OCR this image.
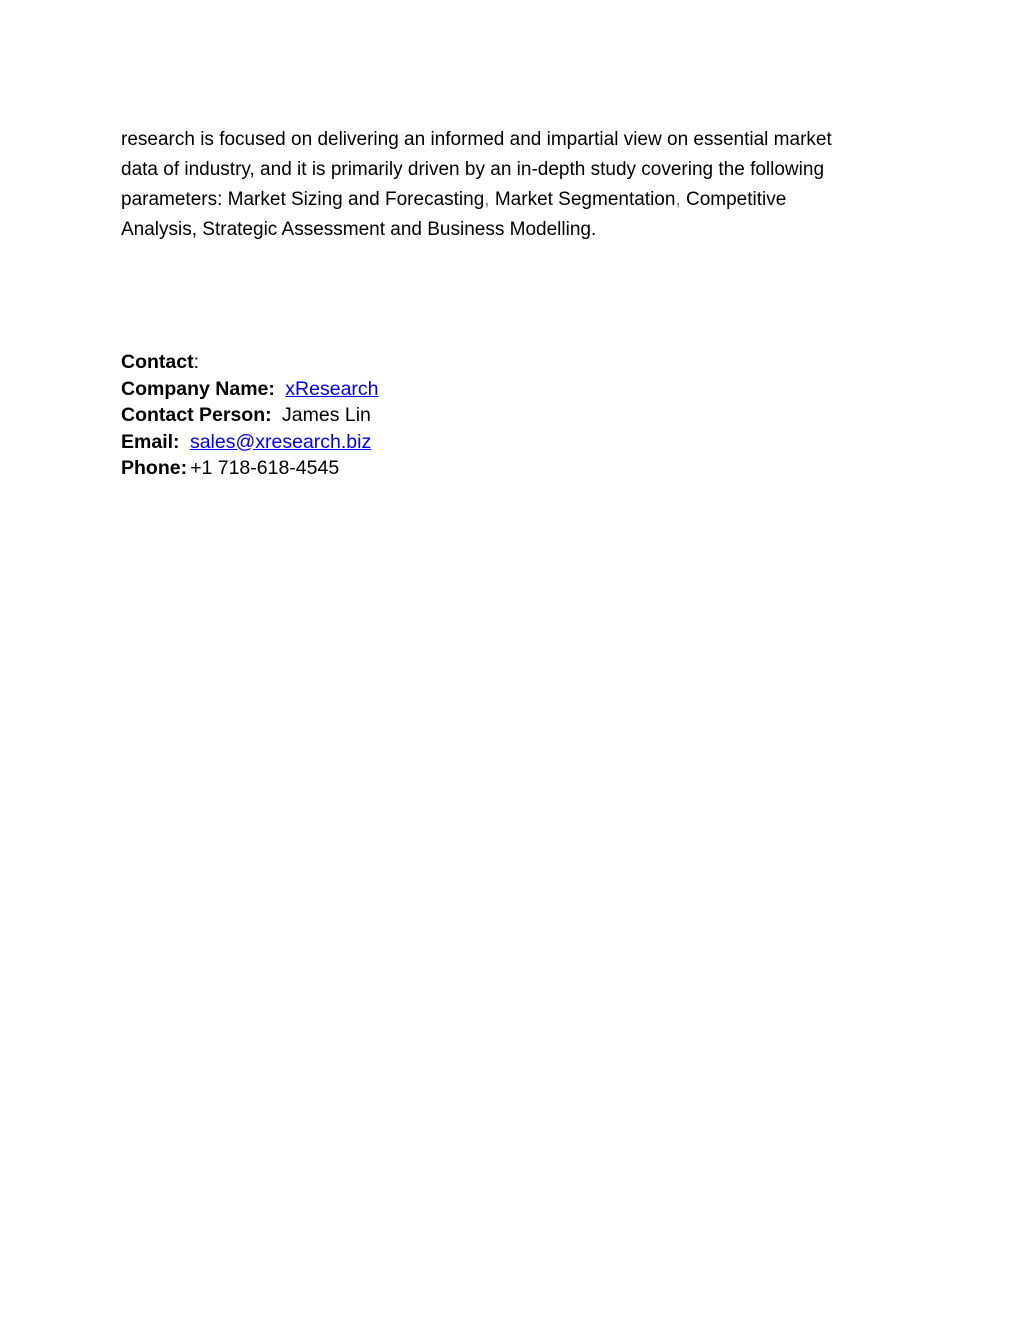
research is focused on delivering an informed and impartial view on essential market
data of industry, and it is primarily driven by an in-depth study covering the following
parameters: Market Sizing and Forecasting, Market Segmentation, Competitive
Analysis, Strategic Assessment and Business Modelling.

Contact:
Company Name: xResearch
Contact Person: James Lin
Email: sales@xresearch.biz
Phone: +1 718-618-4545
